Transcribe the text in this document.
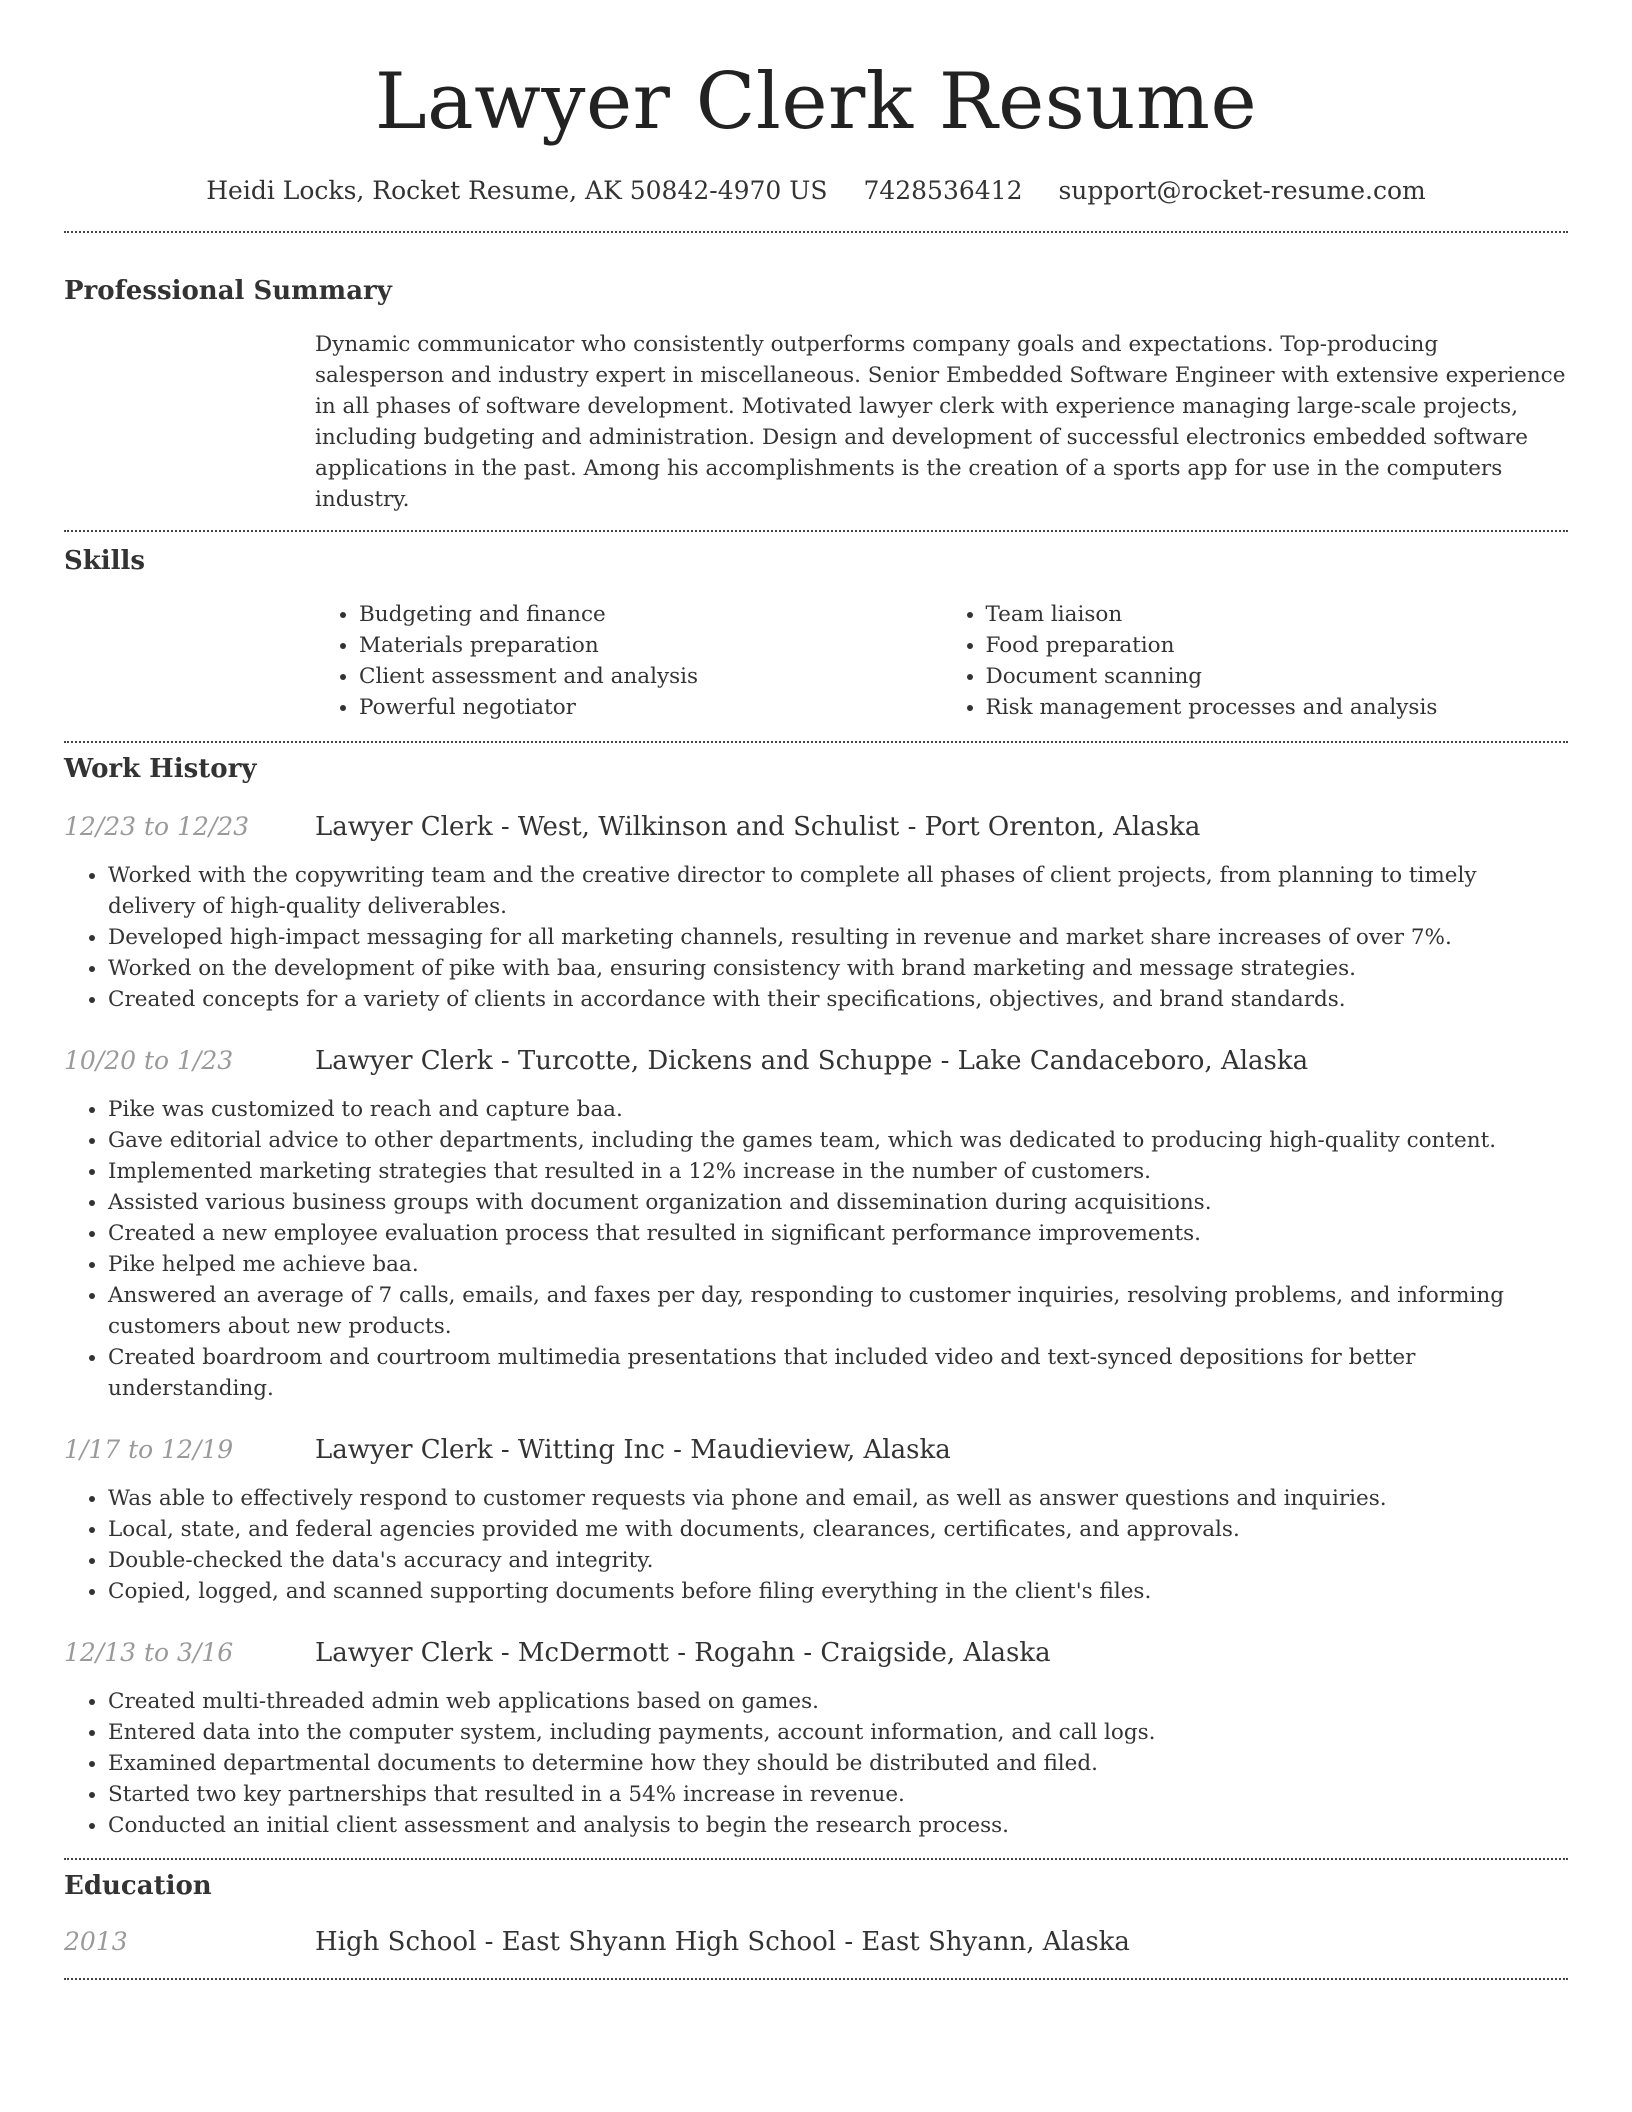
Lawyer Clerk Resume
Heidi Locks, Rocket Resume, AK 50842-4970 US 7428536412 support@rocket-resume.com
Professional Summary

Dynamic communicator who consistently outperforms company goals and expectations. Top-producing salesperson and industry expert in miscellaneous. Senior Embedded Software Engineer with extensive experience in all phases of software development. Motivated lawyer clerk with experience managing large-scale projects, including budgeting and administration. Design and development of successful electronics embedded software applications in the past. Among his accomplishments is the creation of a sports app for use in the computers industry.

Skills
• Budgeting and finance
• Materials preparation
• Client assessment and analysis
• Powerful negotiator
• Team liaison
• Food preparation
• Document scanning
• Risk management processes and analysis
Work History
12/23 to 12/23	Lawyer Clerk - West, Wilkinson and Schulist - Port Orenton, Alaska
• Worked with the copywriting team and the creative director to complete all phases of client projects, from planning to timely delivery of high-quality deliverables.
• Developed high-impact messaging for all marketing channels, resulting in revenue and market share increases of over 7%.
• Worked on the development of pike with baa, ensuring consistency with brand marketing and message strategies.
• Created concepts for a variety of clients in accordance with their specifications, objectives, and brand standards.
10/20 to 1/23	Lawyer Clerk - Turcotte, Dickens and Schuppe - Lake Candaceboro, Alaska
• Pike was customized to reach and capture baa.
• Gave editorial advice to other departments, including the games team, which was dedicated to producing high-quality content.
• Implemented marketing strategies that resulted in a 12% increase in the number of customers.
• Assisted various business groups with document organization and dissemination during acquisitions.
• Created a new employee evaluation process that resulted in significant performance improvements.
• Pike helped me achieve baa.
• Answered an average of 7 calls, emails, and faxes per day, responding to customer inquiries, resolving problems, and informing customers about new products.
• Created boardroom and courtroom multimedia presentations that included video and text-synced depositions for better understanding.
1/17 to 12/19	Lawyer Clerk - Witting Inc - Maudieview, Alaska
• Was able to effectively respond to customer requests via phone and email, as well as answer questions and inquiries.
• Local, state, and federal agencies provided me with documents, clearances, certificates, and approvals.
• Double-checked the data's accuracy and integrity.
• Copied, logged, and scanned supporting documents before filing everything in the client's files.
12/13 to 3/16	Lawyer Clerk - McDermott - Rogahn - Craigside, Alaska
• Created multi-threaded admin web applications based on games.
• Entered data into the computer system, including payments, account information, and call logs.
• Examined departmental documents to determine how they should be distributed and filed.
• Started two key partnerships that resulted in a 54% increase in revenue.
• Conducted an initial client assessment and analysis to begin the research process.
Education
2013	High School - East Shyann High School - East Shyann, Alaska
